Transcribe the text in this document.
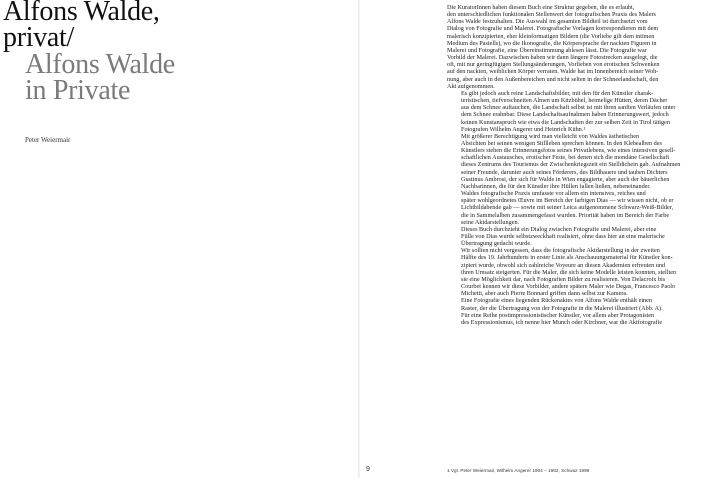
Alfons Walde,
privat/
Alfons Walde
in Private
Peter Weiermair

Die KuratorInnen haben diesem Buch eine Struktur gegeben, die es erlaubt,
den unterschiedlichen funktionalen Stellenwert der fotografischen Praxis des Malers
Alfons Walde festzuhalten. Die Auswahl im gesamten Bildteil ist durchsetzt vom
Dialog von Fotografie und Malerei. Fotografische Vorlagen korrespondieren mit dem
malerisch konzipierten, eher kleinformatigen Bildern (die Vorliebe gilt dem intimen
Medium des Pastells), wo die Ikonografie, die Körpersprache der nackten Figuren in
Malerei und Fotografie, eine Übereinstimmung ablesen lässt. Die Fotografie war
Vorbild der Malerei. Dazwischen haben wir dann längere Fotostrecken ausgelegt, die
oft, mit nur geringfügigen Stellungsänderungen, Vorlieben von erotischen Schwenken
auf den nackten, weiblichen Körper verraten. Walde hat im Innenbereich seiner Woh-
nung, aber auch in den Außenbereichen und nicht selten in der Schneelandschaft, den
Akt aufgenommen.

Es gibt jedoch auch reine Landschaftsbilder, mit den für den Künstler charak-
teristischen, tiefverschneiten Almen um Kitzbühel, heimelige Hütten, deren Dächer
aus dem Schnee auftauchen, die Landschaft selbst ist mit ihren sanften Verläufen unter
dem Schnee erahnbar. Diese Landschaftsaufnahmen haben Erinnerungswert, jedoch
keinen Kunstanspruch wie etwa die Landschaften der zur selben Zeit in Tirol tätigen
Fotografen Wilhelm Angerer und Heinrich Kühn.¹

Mit größerer Berechtigung wird man vielleicht von Waldes ästhetischen
Absichten bei seinen wenigen Stillleben sprechen können. In den Klebealben des
Künstlers stehen die Erinnerungsfotos seines Privatlebens, wie eines intensiven gesell-
schaftlichen Austausches, erotischer Feste, bei denen sich die mondäne Gesellschaft
dieses Zentrums des Tourismus der Zwischenkriegszeit ein Stelldichein gab. Aufnahmen
seiner Freunde, darunter auch seines Förderers, des Bildhauers und tauben Dichters
Gustinus Ambrosi, der sich für Walde in Wien engagierte, aber auch der bäuerlichen
Nachbarinnen, die für den Künstler ihre Hüllen fallen ließen, nebeneinander.

Waldes fotografische Praxis umfasste vor allem ein intensives, reiches und
später wohlgeordnetes Œuvre im Bereich der farbigen Dias — wir wissen nicht, ob er
Lichtbildabende gab — sowie mit seiner Leica aufgenommene Schwarz-Weiß-Bilder,
die in Sammelalben zusammengefasst wurden. Priorität haben im Bereich der Farbe
seine Aktdarstellungen.

Dieses Buch durchzieht ein Dialog zwischen Fotografie und Malerei, aber eine
Fülle von Dias wurde selbstzweckhaft realisiert, ohne dass hier an eine malerische
Übertragung gedacht wurde.

Wir sollten nicht vergessen, dass die fotografische Aktdarstellung in der zweiten
Hälfte des 19. Jahrhunderts in erster Linie als Anschauungsmaterial für Künstler kon-
zipiert wurde, obwohl sich zahlreiche Voyeure an diesen Akademien erfreuten und
ihren Umsatz steigerten. Für die Maler, die sich keine Modelle leisten konnten, stellten
sie eine Möglichkeit dar, nach Fotografien Bilder zu realisieren. Von Delacroix bis
Courbet kennen wir diese Vorbilder, andere spätere Maler wie Degas, Francesco Paolo
Michetti, aber auch Pierre Bonnard griffen dann selbst zur Kamera.

Eine Fotografie eines liegenden Rückenaktes von Alfons Walde enthält einen
Raster, der die Übertragung von der Fotografie in die Malerei illustriert (Abb. A).
Für eine Reihe postimpressionistischer Künstler, vor allem aber Protagonisten
des Expressionismus, ich nenne hier Munch oder Kirchner, war die Aktfotografie

9	1 Vgl. Peter Weiermair, Wilhelm Angerer 1904 – 1982, Schwaz 1999
